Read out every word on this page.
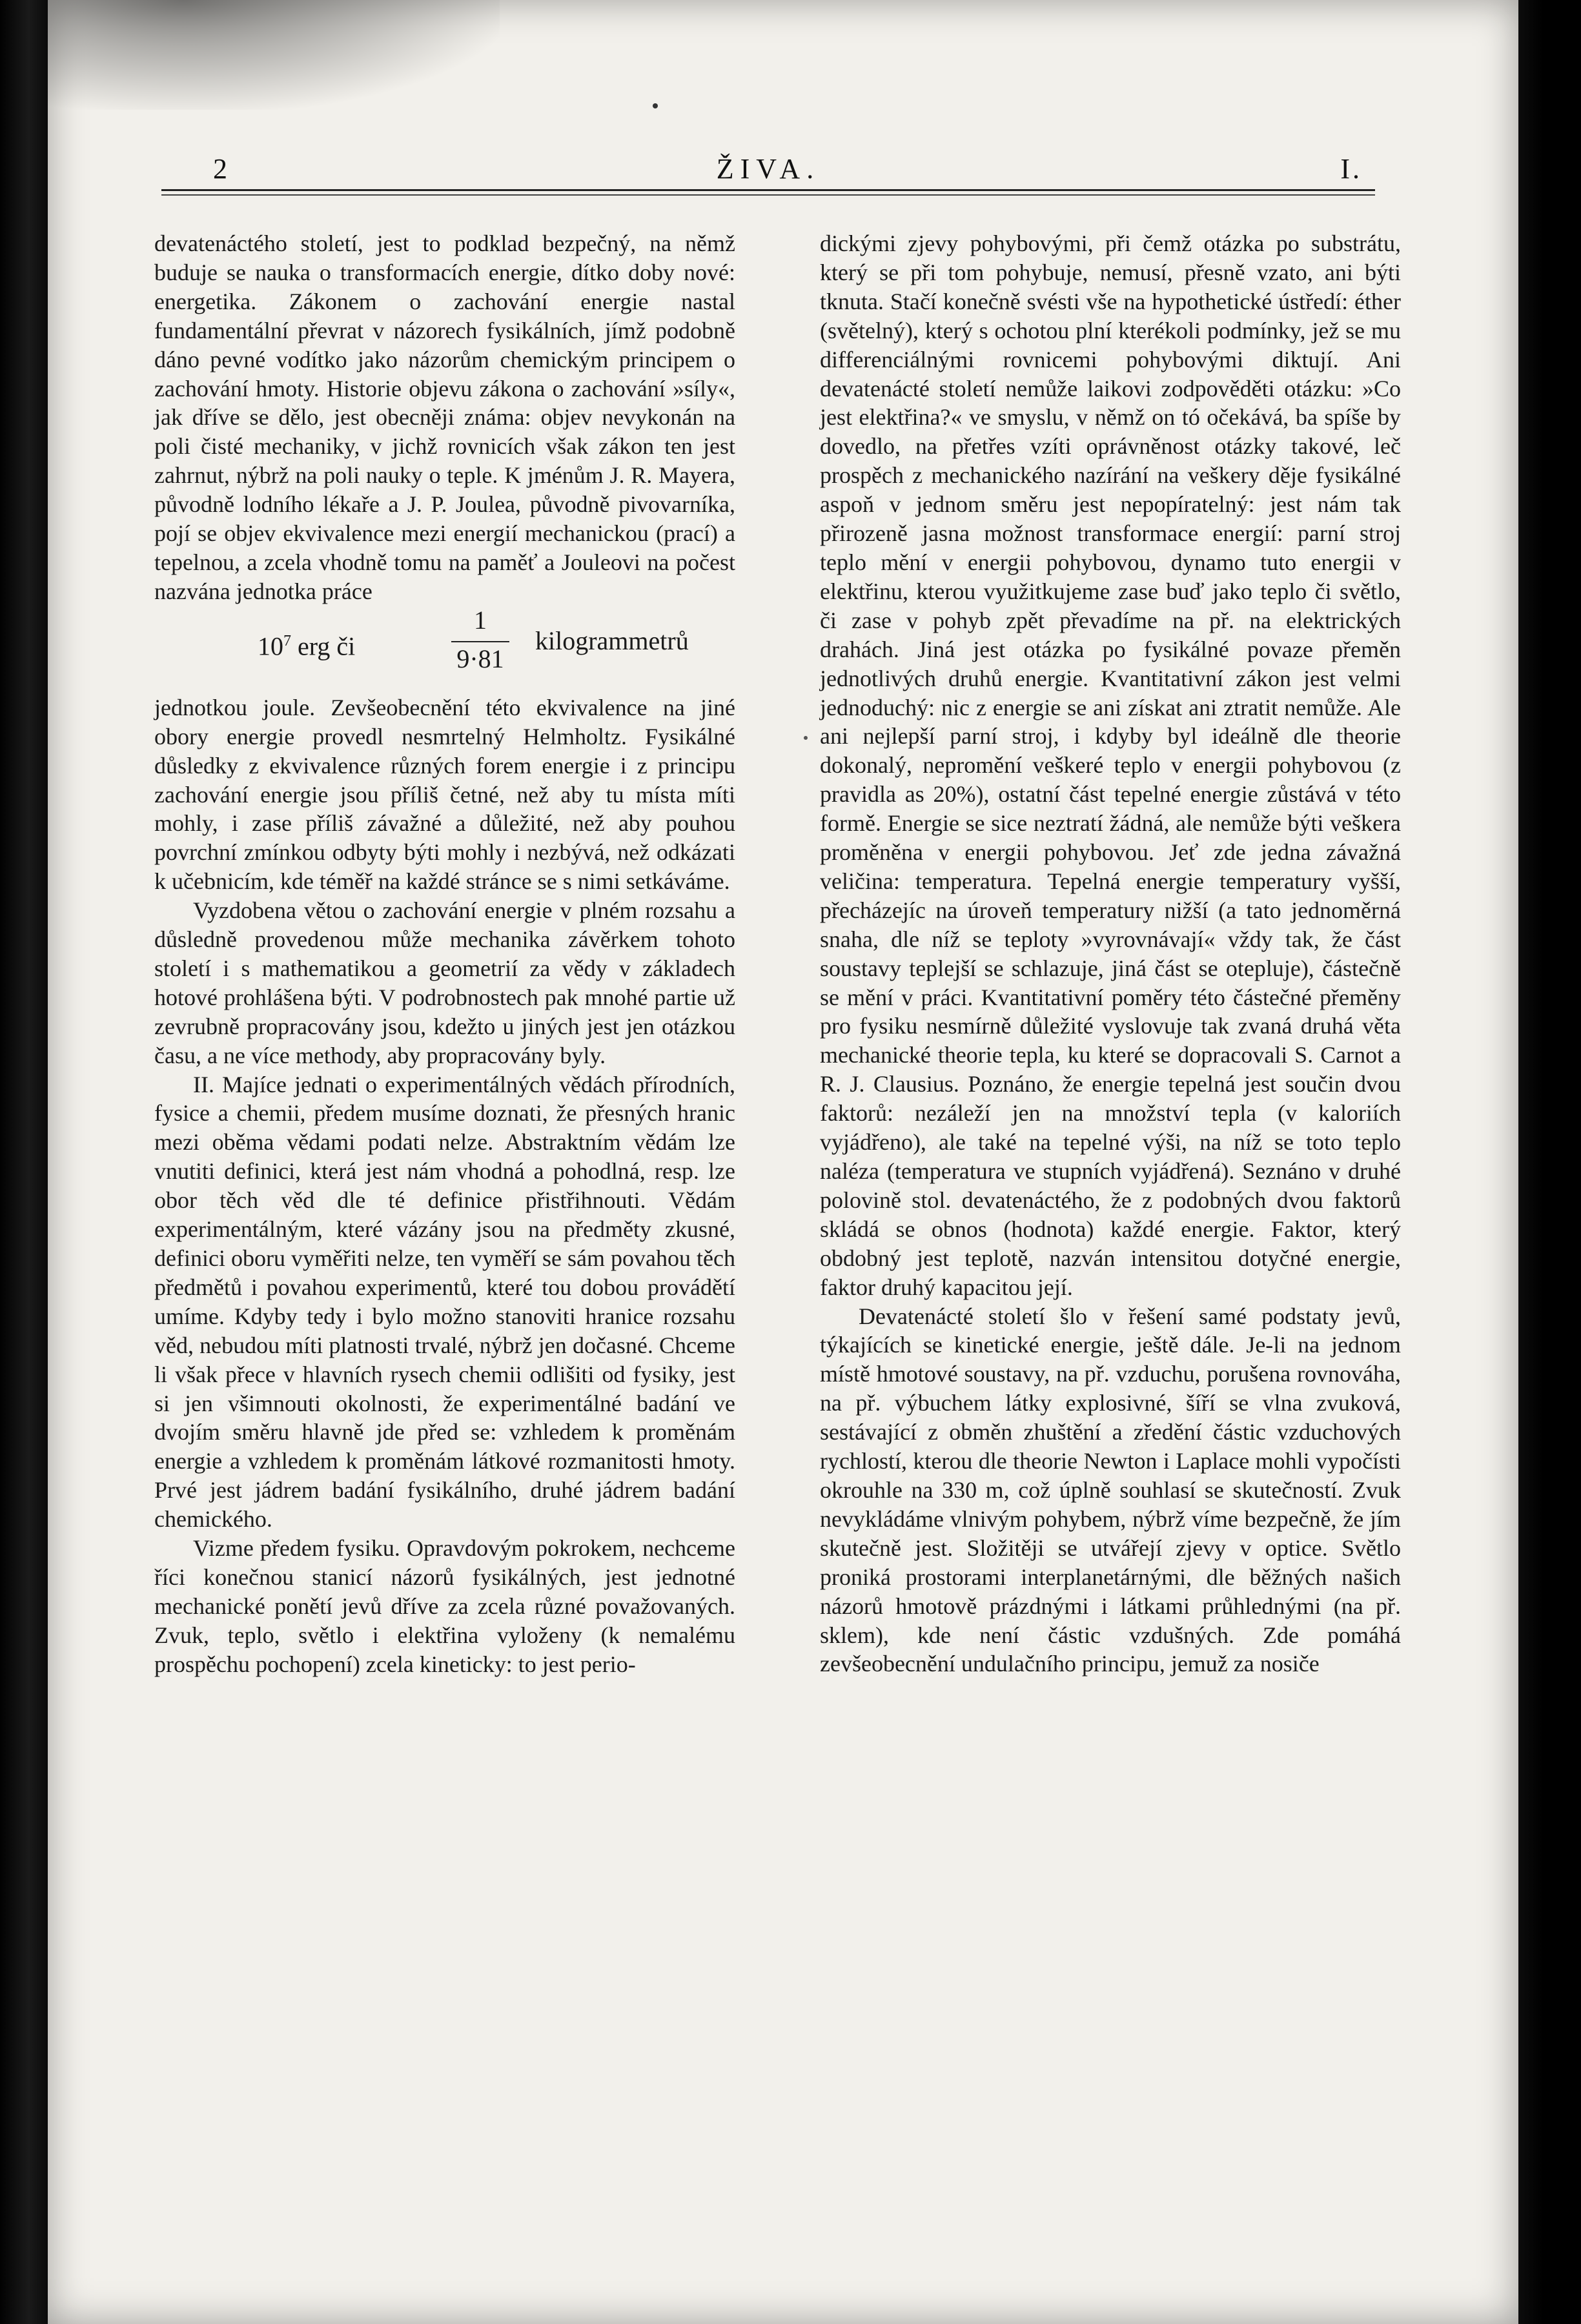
2	ŽIVA.	I.

devatenáctého století, jest to podklad bezpečný, na němž buduje se nauka o transformacích energie, dítko doby nové: energetika. Zákonem o zachování energie nastal fundamentální převrat v názorech fysikálních, jímž podobně dáno pevné vodítko jako názorům chemickým principem o zachování hmoty. Historie objevu zákona o zachování »síly«, jak dříve se dělo, jest obecněji známa: objev nevykonán na poli čisté mechaniky, v jichž rovnicích však zákon ten jest zahrnut, nýbrž na poli nauky o teple. K jménům J. R. Mayera, původně lodního lékaře a J. P. Joulea, původně pivovarníka, pojí se objev ekvivalence mezi energií mechanickou (prací) a tepelnou, a zcela vhodně tomu na paměť a Jouleovi na počest nazvána jednotka práce

$10^7$ erg či
1
9·81
kilogrammetrů

jednotkou joule. Zevšeobecnění této ekvivalence na jiné obory energie provedl nesmrtelný Helmholtz. Fysikálné důsledky z ekvivalence různých forem energie i z principu zachování energie jsou příliš četné, než aby tu místa míti mohly, i zase příliš závažné a důležité, než aby pouhou povrchní zmínkou odbyty býti mohly i nezbývá, než odkázati k učebnicím, kde téměř na každé stránce se s nimi setkáváme.

Vyzdobena větou o zachování energie v plném rozsahu a důsledně provedenou může mechanika závěrkem tohoto století i s mathematikou a geometrií za vědy v základech hotové prohlášena býti. V podrobnostech pak mnohé partie už zevrubně propracovány jsou, kdežto u jiných jest jen otázkou času, a ne více methody, aby propracovány byly.

II. Majíce jednati o experimentálných vědách přírodních, fysice a chemii, předem musíme doznati, že přesných hranic mezi oběma vědami podati nelze. Abstraktním vědám lze vnutiti definici, která jest nám vhodná a pohodlná, resp. lze obor těch věd dle té definice přistřihnouti. Vědám experimentálným, které vázány jsou na předměty zkusné, definici oboru vyměřiti nelze, ten vyměří se sám povahou těch předmětů i povahou experimentů, které tou dobou provádětí umíme. Kdyby tedy i bylo možno stanoviti hranice rozsahu věd, nebudou míti platnosti trvalé, nýbrž jen dočasné. Chceme li však přece v hlavních rysech chemii odlišiti od fysiky, jest si jen všimnouti okolnosti, že experimentálné badání ve dvojím směru hlavně jde před se: vzhledem k proměnám energie a vzhledem k proměnám látkové rozmanitosti hmoty. Prvé jest jádrem badání fysikálního, druhé jádrem badání chemického.

Vizme předem fysiku. Opravdovým pokrokem, nechceme říci konečnou stanicí názorů fysikálných, jest jednotné mechanické ponětí jevů dříve za zcela různé považovaných. Zvuk, teplo, světlo i elektřina vyloženy (k nemalému prospěchu pochopení) zcela kineticky: to jest perio-

dickými zjevy pohybovými, při čemž otázka po substrátu, který se při tom pohybuje, nemusí, přesně vzato, ani býti tknuta. Stačí konečně svésti vše na hypothetické ústředí: éther (světelný), který s ochotou plní kterékoli podmínky, jež se mu differenciálnými rovnicemi pohybovými diktují. Ani devatenácté století nemůže laikovi zodpověděti otázku: »Co jest elektřina?« ve smyslu, v němž on tó očekává, ba spíše by dovedlo, na přetřes vzíti oprávněnost otázky takové, leč prospěch z mechanického nazírání na veškery děje fysikálné aspoň v jednom směru jest nepopíratelný: jest nám tak přirozeně jasna možnost transformace energií: parní stroj teplo mění v energii pohybovou, dynamo tuto energii v elektřinu, kterou využitkujeme zase buď jako teplo či světlo, či zase v pohyb zpět převadíme na př. na elektrických drahách. Jiná jest otázka po fysikálné povaze přeměn jednotlivých druhů energie. Kvantitativní zákon jest velmi jednoduchý: nic z energie se ani získat ani ztratit nemůže. Ale ani nejlepší parní stroj, i kdyby byl ideálně dle theorie dokonalý, nepromění veškeré teplo v energii pohybovou (z pravidla as 20%), ostatní část tepelné energie zůstává v této formě. Energie se sice neztratí žádná, ale nemůže býti veškera proměněna v energii pohybovou. Jeť zde jedna závažná veličina: temperatura. Tepelná energie temperatury vyšší, přecházejíc na úroveň temperatury nižší (a tato jednoměrná snaha, dle níž se teploty »vyrovnávají« vždy tak, že část soustavy teplejší se schlazuje, jiná část se otepluje), částečně se mění v práci. Kvantitativní poměry této částečné přeměny pro fysiku nesmírně důležité vyslovuje tak zvaná druhá věta mechanické theorie tepla, ku které se dopracovali S. Carnot a R. J. Clausius. Poznáno, že energie tepelná jest součin dvou faktorů: nezáleží jen na množství tepla (v kaloriích vyjádřeno), ale také na tepelné výši, na níž se toto teplo naléza (temperatura ve stupních vyjádřená). Seznáno v druhé polovině stol. devatenáctého, že z podobných dvou faktorů skládá se obnos (hodnota) každé energie. Faktor, který obdobný jest teplotě, nazván intensitou dotyčné energie, faktor druhý kapacitou její.

Devatenácté století šlo v řešení samé podstaty jevů, týkajících se kinetické energie, ještě dále. Je-li na jednom místě hmotové soustavy, na př. vzduchu, porušena rovnováha, na př. výbuchem látky explosivné, šíří se vlna zvuková, sestávající z obměn zhuštění a zředění částic vzduchových rychlostí, kterou dle theorie Newton i Laplace mohli vypočísti okrouhle na 330 m, což úplně souhlasí se skutečností. Zvuk nevykládáme vlnivým pohybem, nýbrž víme bezpečně, že jím skutečně jest. Složitěji se utvářejí zjevy v optice. Světlo proniká prostorami interplanetárnými, dle běžných našich názorů hmotově prázdnými i látkami průhlednými (na př. sklem), kde není částic vzdušných. Zde pomáhá zevšeobecnění undulačního principu, jemuž za nosiče
